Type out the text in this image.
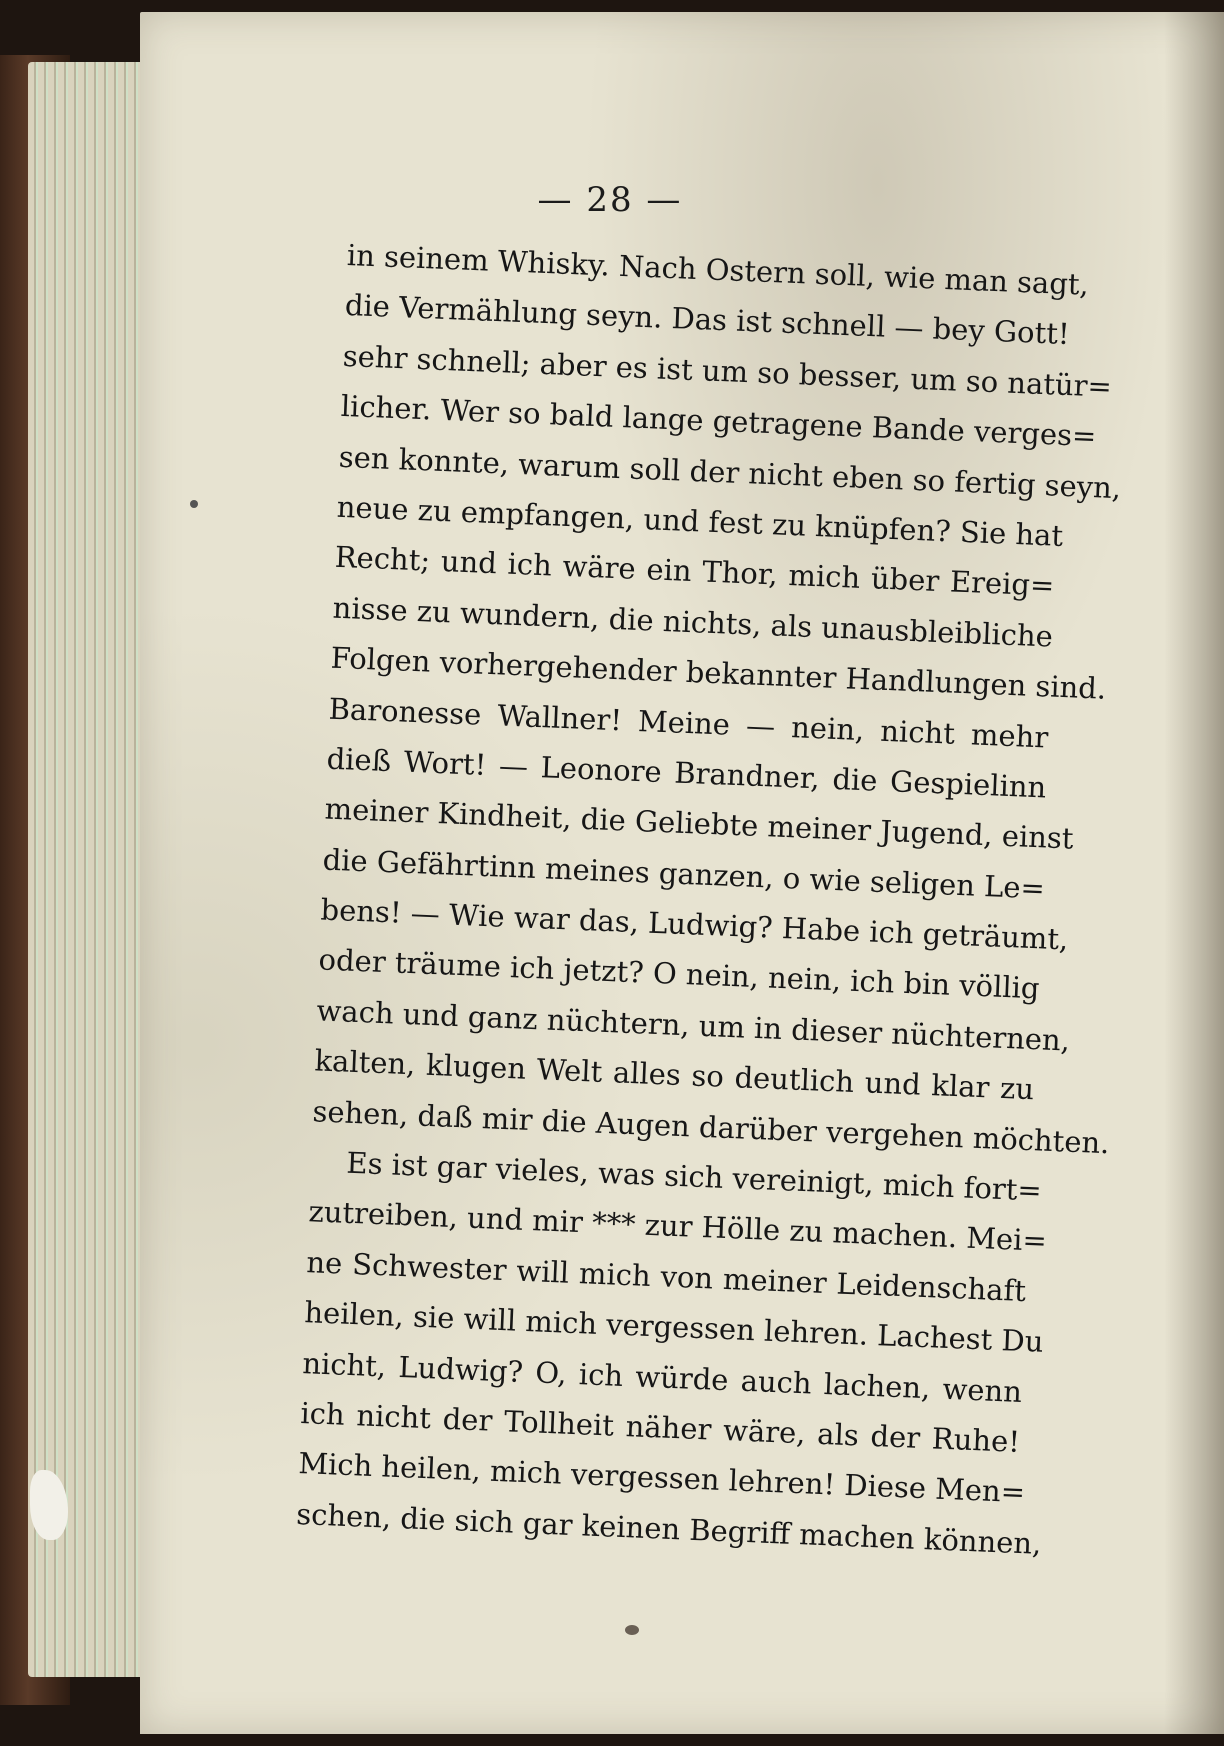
— 28 —
in seinem Whisky. Nach Ostern soll, wie man sagt,
die Vermählung seyn. Das ist schnell — bey Gott!
sehr schnell; aber es ist um so besser, um so natür=
licher. Wer so bald lange getragene Bande verges=
sen konnte, warum soll der nicht eben so fertig seyn,
neue zu empfangen, und fest zu knüpfen? Sie hat
Recht; und ich wäre ein Thor, mich über Ereig=
nisse zu wundern, die nichts, als unausbleibliche
Folgen vorhergehender bekannter Handlungen sind.
Baronesse Wallner! Meine — nein, nicht mehr
dieß Wort! — Leonore Brandner, die Gespielinn
meiner Kindheit, die Geliebte meiner Jugend, einst
die Gefährtinn meines ganzen, o wie seligen Le=
bens! — Wie war das, Ludwig? Habe ich geträumt,
oder träume ich jetzt? O nein, nein, ich bin völlig
wach und ganz nüchtern, um in dieser nüchternen,
kalten, klugen Welt alles so deutlich und klar zu
sehen, daß mir die Augen darüber vergehen möchten.
Es ist gar vieles, was sich vereinigt, mich fort=
zutreiben, und mir *** zur Hölle zu machen. Mei=
ne Schwester will mich von meiner Leidenschaft
heilen, sie will mich vergessen lehren. Lachest Du
nicht, Ludwig? O, ich würde auch lachen, wenn
ich nicht der Tollheit näher wäre, als der Ruhe!
Mich heilen, mich vergessen lehren! Diese Men=
schen, die sich gar keinen Begriff machen können,
